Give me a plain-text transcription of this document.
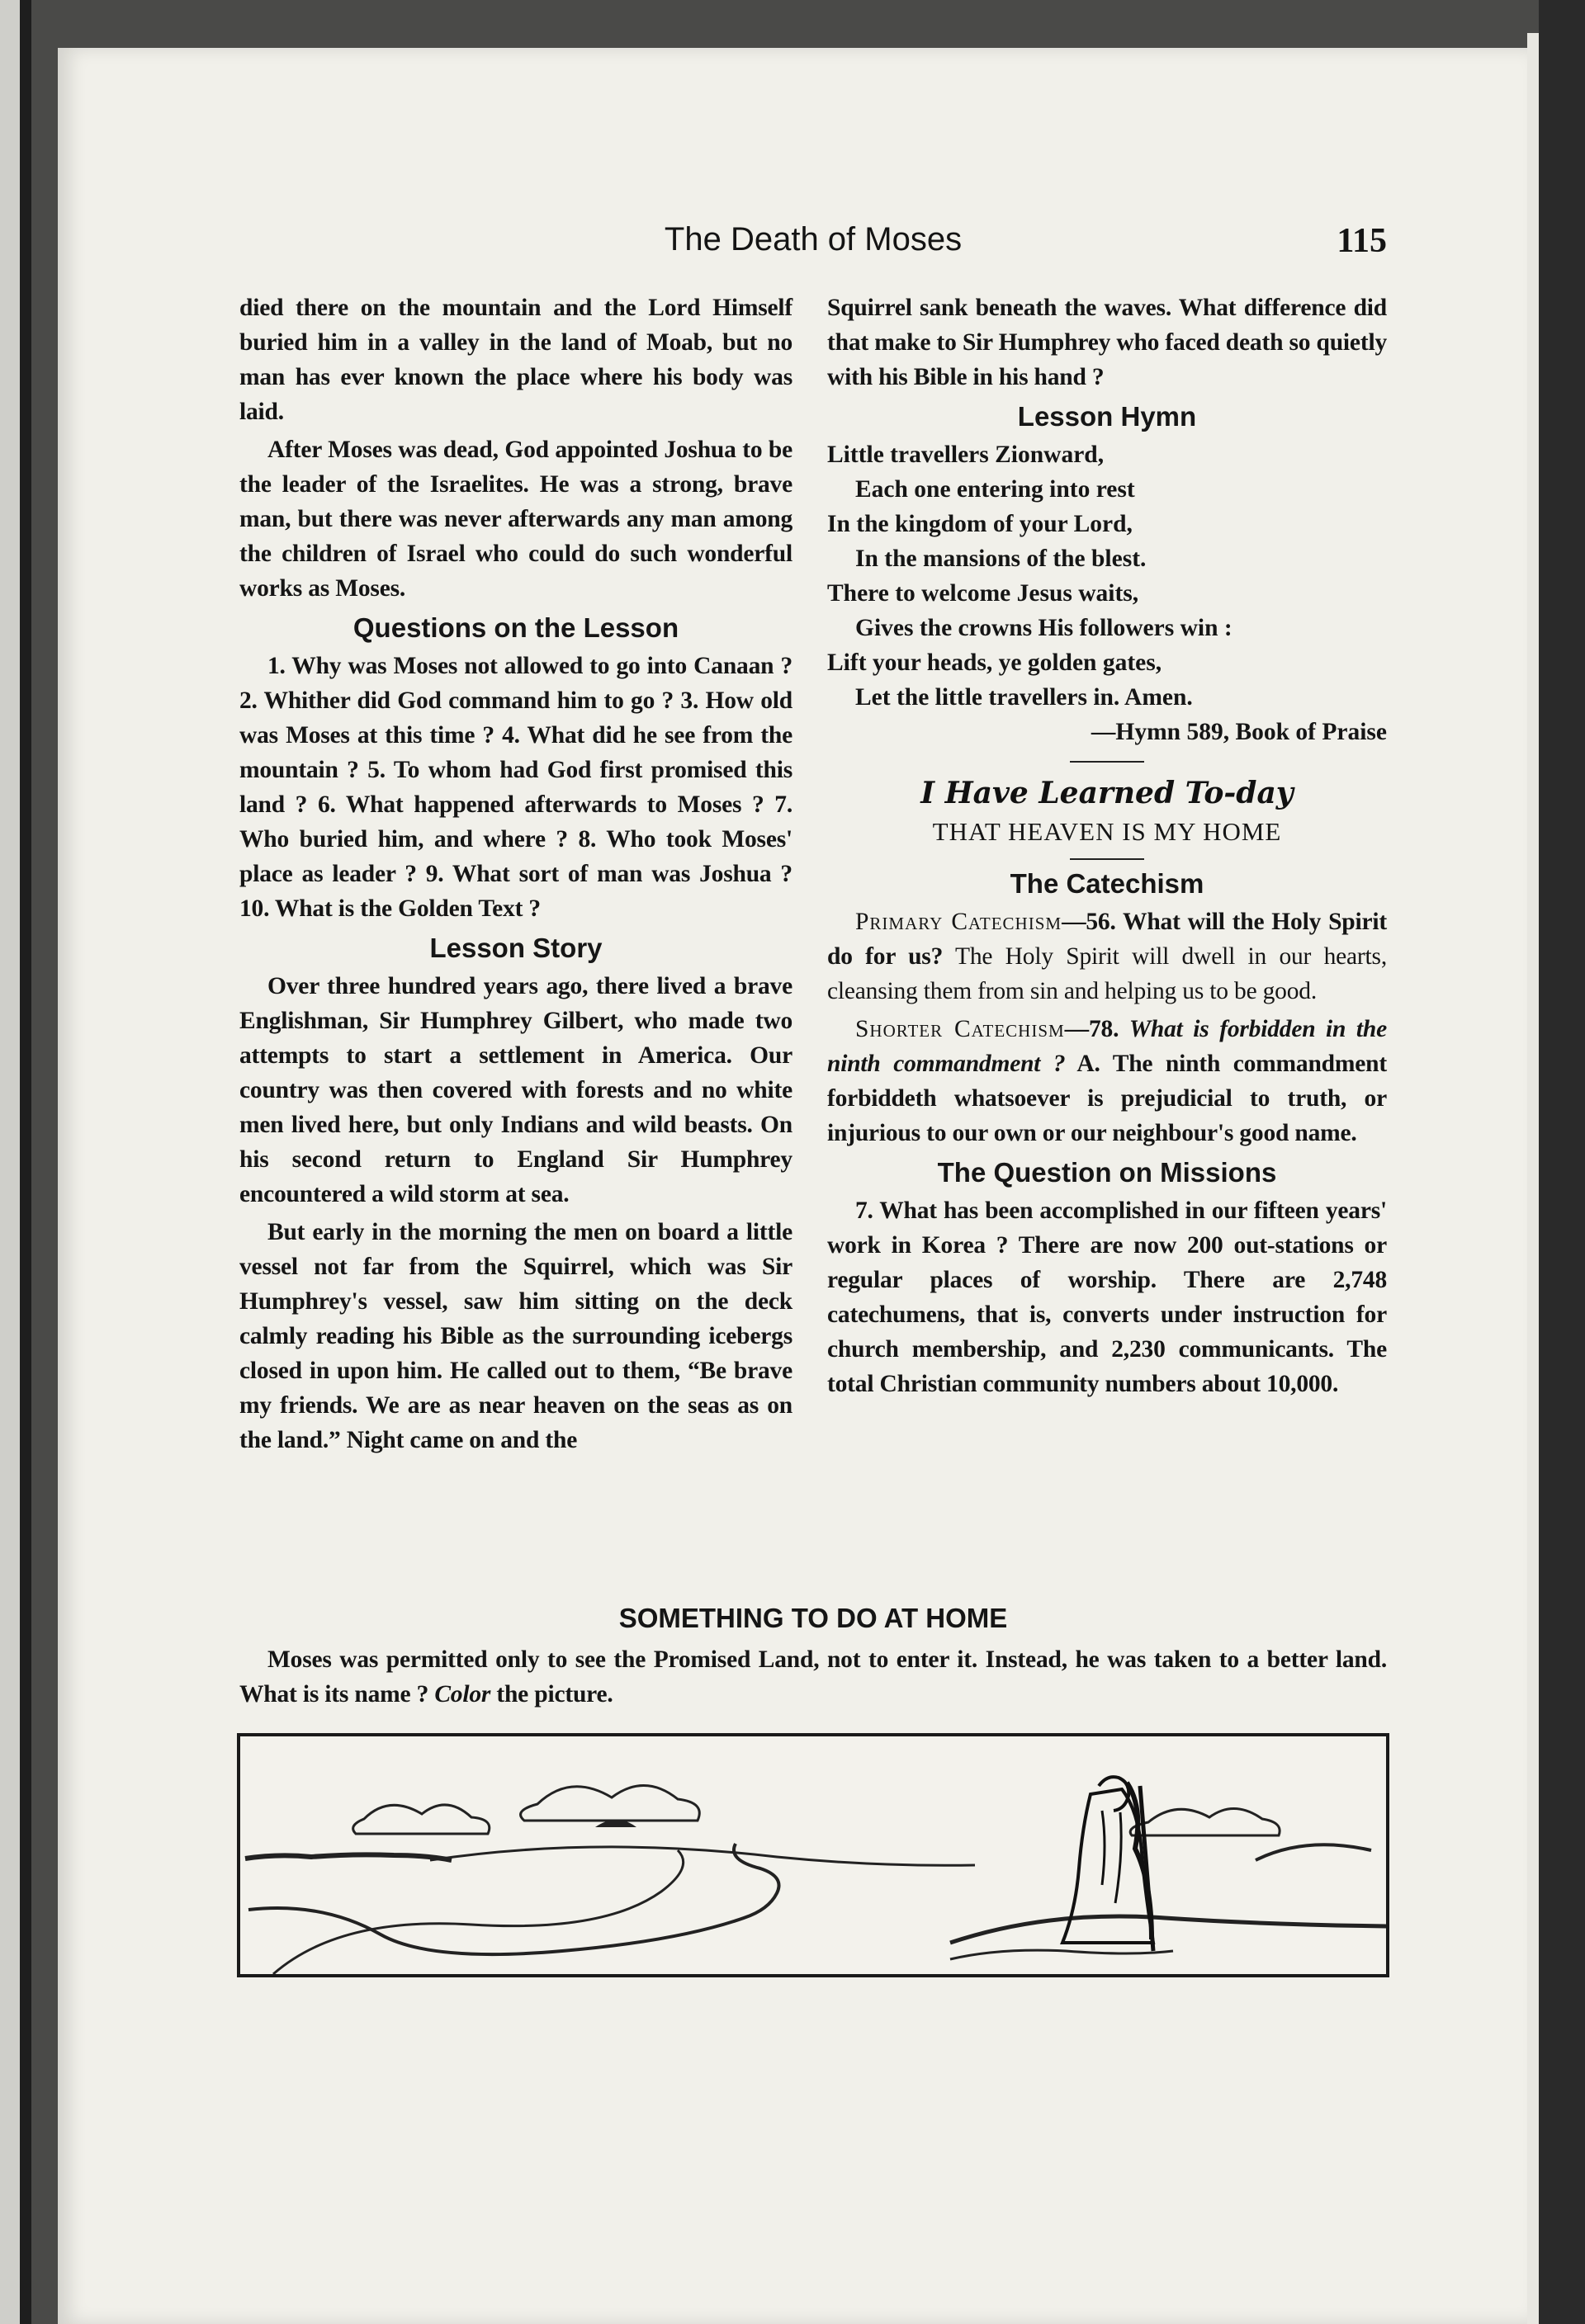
The Death of Moses	115

died there on the mountain and the Lord Himself buried him in a valley in the land of Moab, but no man has ever known the place where his body was laid.

After Moses was dead, God appointed Joshua to be the leader of the Israelites. He was a strong, brave man, but there was never afterwards any man among the children of Israel who could do such wonderful works as Moses.

Questions on the Lesson

1. Why was Moses not allowed to go into Canaan ? 2. Whither did God command him to go ? 3. How old was Moses at this time ? 4. What did he see from the mountain ? 5. To whom had God first promised this land ? 6. What happened afterwards to Moses ? 7. Who buried him, and where ? 8. Who took Moses' place as leader ? 9. What sort of man was Joshua ? 10. What is the Golden Text ?

Lesson Story

Over three hundred years ago, there lived a brave Englishman, Sir Humphrey Gilbert, who made two attempts to start a settlement in America. Our country was then covered with forests and no white men lived here, but only Indians and wild beasts. On his second return to England Sir Humphrey encountered a wild storm at sea.

But early in the morning the men on board a little vessel not far from the Squirrel, which was Sir Humphrey's vessel, saw him sitting on the deck calmly reading his Bible as the surrounding icebergs closed in upon him. He called out to them, “Be brave my friends. We are as near heaven on the seas as on the land.” Night came on and the

Squirrel sank beneath the waves. What difference did that make to Sir Humphrey who faced death so quietly with his Bible in his hand ?

Lesson Hymn
Little travellers Zionward,
Each one entering into rest
In the kingdom of your Lord,
In the mansions of the blest.
There to welcome Jesus waits,
Gives the crowns His followers win :
Lift your heads, ye golden gates,
Let the little travellers in. Amen.
—Hymn 589, Book of Praise
I Have Learned To-day
THAT HEAVEN IS MY HOME
The Catechism

Primary Catechism—56. What will the Holy Spirit do for us? The Holy Spirit will dwell in our hearts, cleansing them from sin and helping us to be good.

Shorter Catechism—78. What is forbidden in the ninth commandment ? A. The ninth commandment forbiddeth whatsoever is prejudicial to truth, or injurious to our own or our neighbour's good name.

The Question on Missions

7. What has been accomplished in our fifteen years' work in Korea ? There are now 200 out-stations or regular places of worship. There are 2,748 catechumens, that is, converts under instruction for church membership, and 2,230 communicants. The total Christian community numbers about 10,000.

SOMETHING TO DO AT HOME

Moses was permitted only to see the Promised Land, not to enter it. Instead, he was taken to a better land. What is its name ? Color the picture.
